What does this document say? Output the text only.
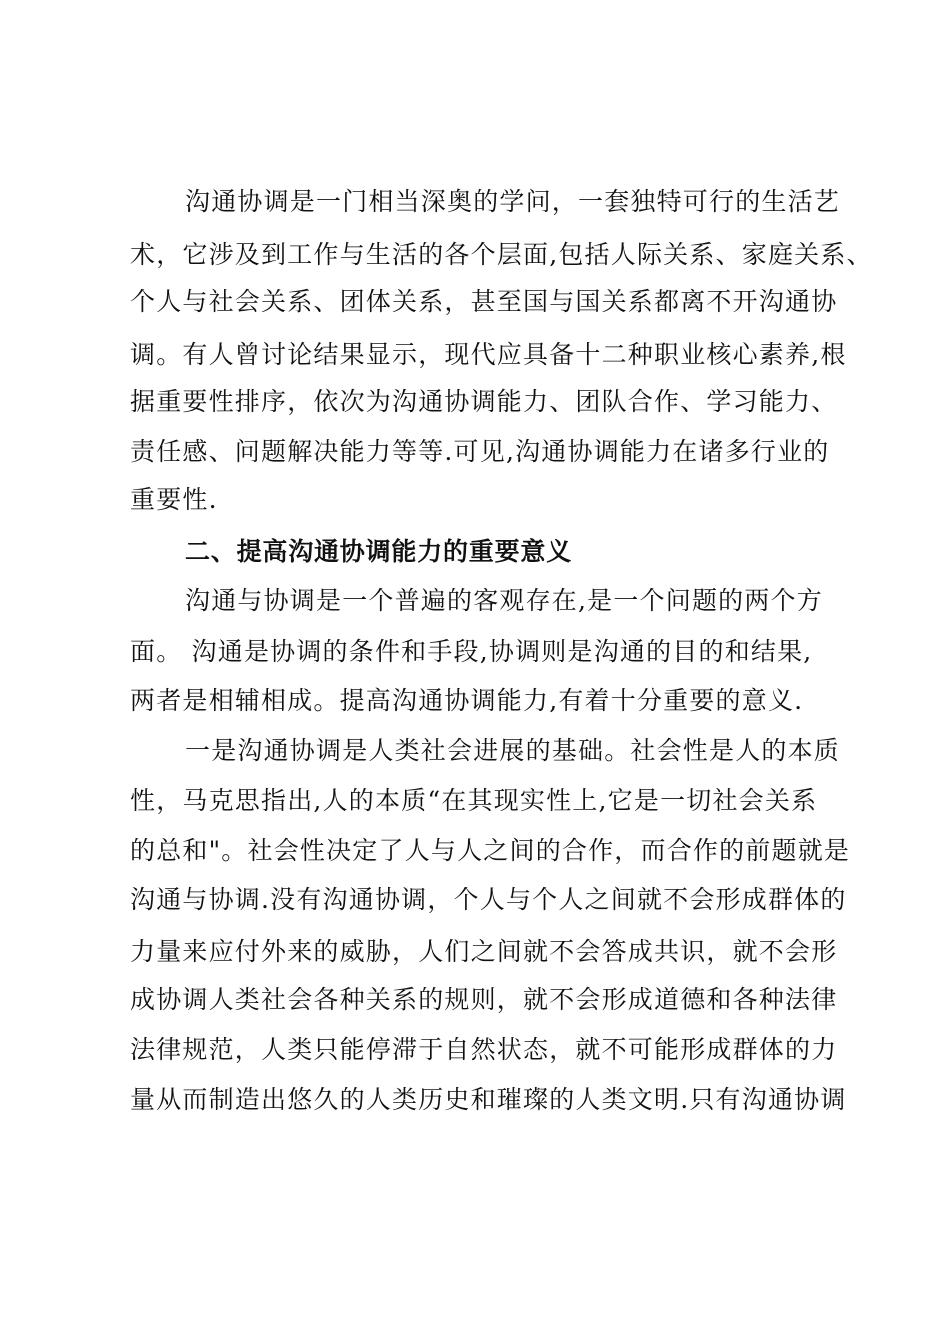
沟通协调是一门相当深奥的学问，一套独特可行的生活艺
术，它涉及到工作与生活的各个层面,包括人际关系、家庭关系、
个人与社会关系、团体关系，甚至国与国关系都离不开沟通协
调。有人曾讨论结果显示，现代应具备十二种职业核心素养,根
据重要性排序，依次为沟通协调能力、团队合作、学习能力、
责任感、问题解决能力等等.可见,沟通协调能力在诸多行业的
重要性.
二、提高沟通协调能力的重要意义
沟通与协调是一个普遍的客观存在,是一个问题的两个方
面。 沟通是协调的条件和手段,协调则是沟通的目的和结果,
两者是相辅相成。提高沟通协调能力,有着十分重要的意义.
一是沟通协调是人类社会进展的基础。社会性是人的本质
性，马克思指出,人的本质“在其现实性上,它是一切社会关系
的总和"。社会性决定了人与人之间的合作，而合作的前题就是
沟通与协调.没有沟通协调，个人与个人之间就不会形成群体的
力量来应付外来的威胁，人们之间就不会答成共识，就不会形
成协调人类社会各种关系的规则，就不会形成道德和各种法律
法律规范，人类只能停滞于自然状态，就不可能形成群体的力
量从而制造出悠久的人类历史和璀璨的人类文明.只有沟通协调
